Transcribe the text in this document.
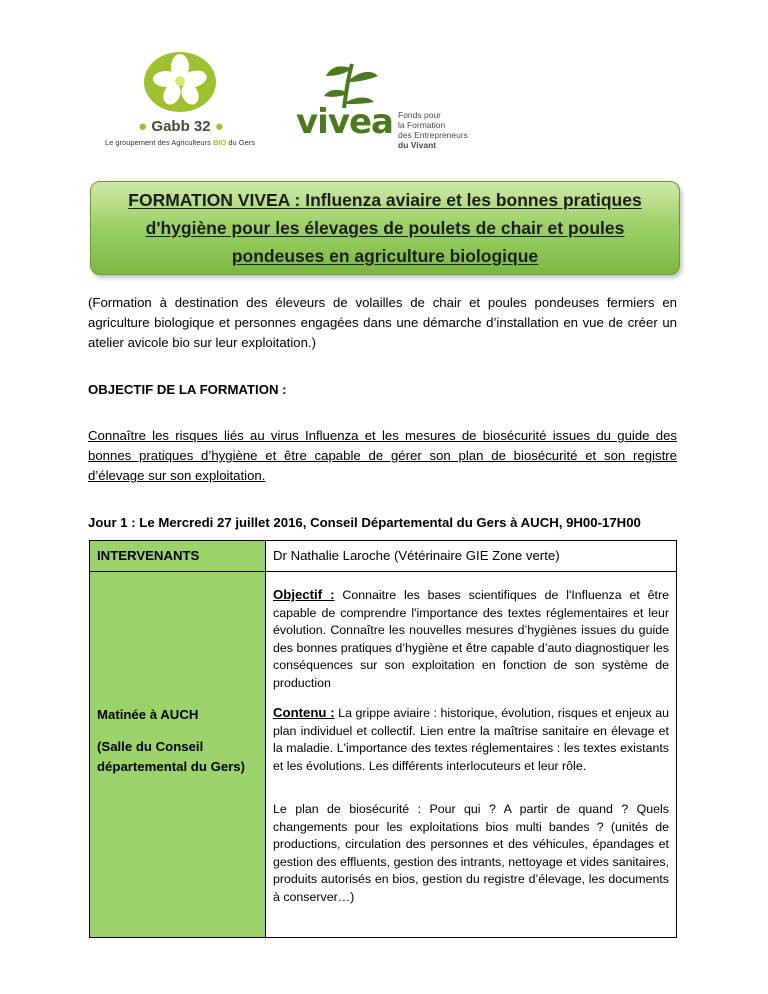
● Gabb 32 ●
Le groupement des Agriculteurs BIO du Gers
vivea Fonds pour
la Formation
des Entrepreneurs
du Vivant
FORMATION VIVEA : Influenza aviaire et les bonnes pratiques d'hygiène pour les élevages de poulets de chair et poules pondeuses en agriculture biologique
(Formation à destination des éleveurs de volailles de chair et poules pondeuses fermiers en agriculture biologique et personnes engagées dans une démarche d’installation en vue de créer un atelier avicole bio sur leur exploitation.)
OBJECTIF DE LA FORMATION :
Connaître les risques liés au virus Influenza et les mesures de biosécurité issues du guide des bonnes pratiques d’hygiène et être capable de gérer son plan de biosécurité et son registre d’élevage sur son exploitation.
Jour 1 : Le Mercredi 27 juillet 2016, Conseil Départemental du Gers à AUCH, 9H00-17H00
INTERVENANTS	Dr Nathalie Laroche (Vétérinaire GIE Zone verte)
Matinée à AUCH
(Salle du Conseil départemental du Gers)
Objectif : Connaitre les bases scientifiques de l'Influenza et être capable de comprendre l'importance des textes réglementaires et leur évolution. Connaître les nouvelles mesures d’hygiènes issues du guide des bonnes pratiques d’hygiène et être capable d’auto diagnostiquer les conséquences sur son exploitation en fonction de son système de production
Contenu : La grippe aviaire : historique, évolution, risques et enjeux au plan individuel et collectif. Lien entre la maîtrise sanitaire en élevage et la maladie. L'importance des textes réglementaires : les textes existants et les évolutions. Les différents interlocuteurs et leur rôle.
Le plan de biosécurité : Pour qui ? A partir de quand ? Quels changements pour les exploitations bios multi bandes ? (unités de productions, circulation des personnes et des véhicules, épandages et gestion des effluents, gestion des intrants, nettoyage et vides sanitaires, produits autorisés en bios, gestion du registre d’élevage, les documents à conserver…)
